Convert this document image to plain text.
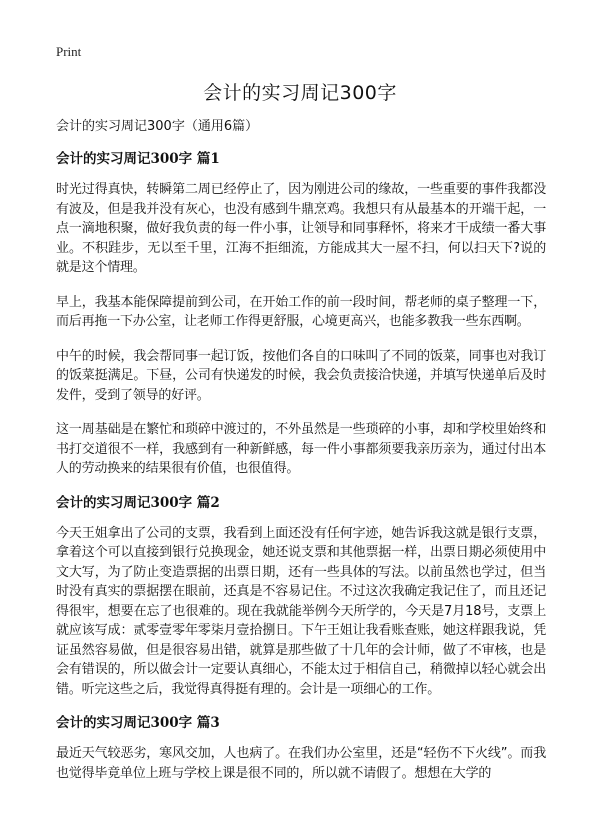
Print
会计的实习周记300字

会计的实习周记300字（通用6篇）

会计的实习周记300字 篇1

时光过得真快，转瞬第二周已经停止了，因为刚进公司的缘故，一些重要的事件我都没有波及，但是我并没有灰心，也没有感到牛鼎烹鸡。我想只有从最基本的开端干起，一点一滴地积聚，做好我负责的每一件小事，让领导和同事释怀，将来才干成绩一番大事业。不积跬步，无以至千里，江海不拒细流，方能成其大一屋不扫，何以扫天下?说的就是这个情理。

早上，我基本能保障提前到公司，在开始工作的前一段时间，帮老师的桌子整理一下，而后再拖一下办公室，让老师工作得更舒服，心境更高兴，也能多教我一些东西啊。

中午的时候，我会帮同事一起订饭，按他们各自的口味叫了不同的饭菜，同事也对我订的饭菜挺满足。下昼，公司有快递发的时候，我会负责接洽快递，并填写快递单后及时发件，受到了领导的好评。

这一周基础是在繁忙和琐碎中渡过的，不外虽然是一些琐碎的小事，却和学校里始终和书打交道很不一样，我感到有一种新鲜感，每一件小事都须要我亲历亲为，通过付出本人的劳动换来的结果很有价值，也很值得。

会计的实习周记300字 篇2

今天王姐拿出了公司的支票，我看到上面还没有任何字迹，她告诉我这就是银行支票，拿着这个可以直接到银行兑换现金，她还说支票和其他票据一样，出票日期必须使用中文大写，为了防止变造票据的出票日期，还有一些具体的写法。以前虽然也学过，但当时没有真实的票据摆在眼前，还真是不容易记住。不过这次我确定我记住了，而且还记得很牢，想要在忘了也很难的。现在我就能举例今天所学的，今天是7月18号，支票上就应该写成：贰零壹零年零柒月壹拾捌日。下午王姐让我看账查账，她这样跟我说，凭证虽然容易做，但是很容易出错，就算是那些做了十几年的会计师，做了不审核，也是会有错误的，所以做会计一定要认真细心，不能太过于相信自己，稍微掉以轻心就会出错。听完这些之后，我觉得真得挺有理的。会计是一项细心的工作。

会计的实习周记300字 篇3

最近天气较恶劣，寒风交加，人也病了。在我们办公室里，还是“轻伤不下火线”。而我也觉得毕竟单位上班与学校上课是很不同的，所以就不请假了。想想在大学的
